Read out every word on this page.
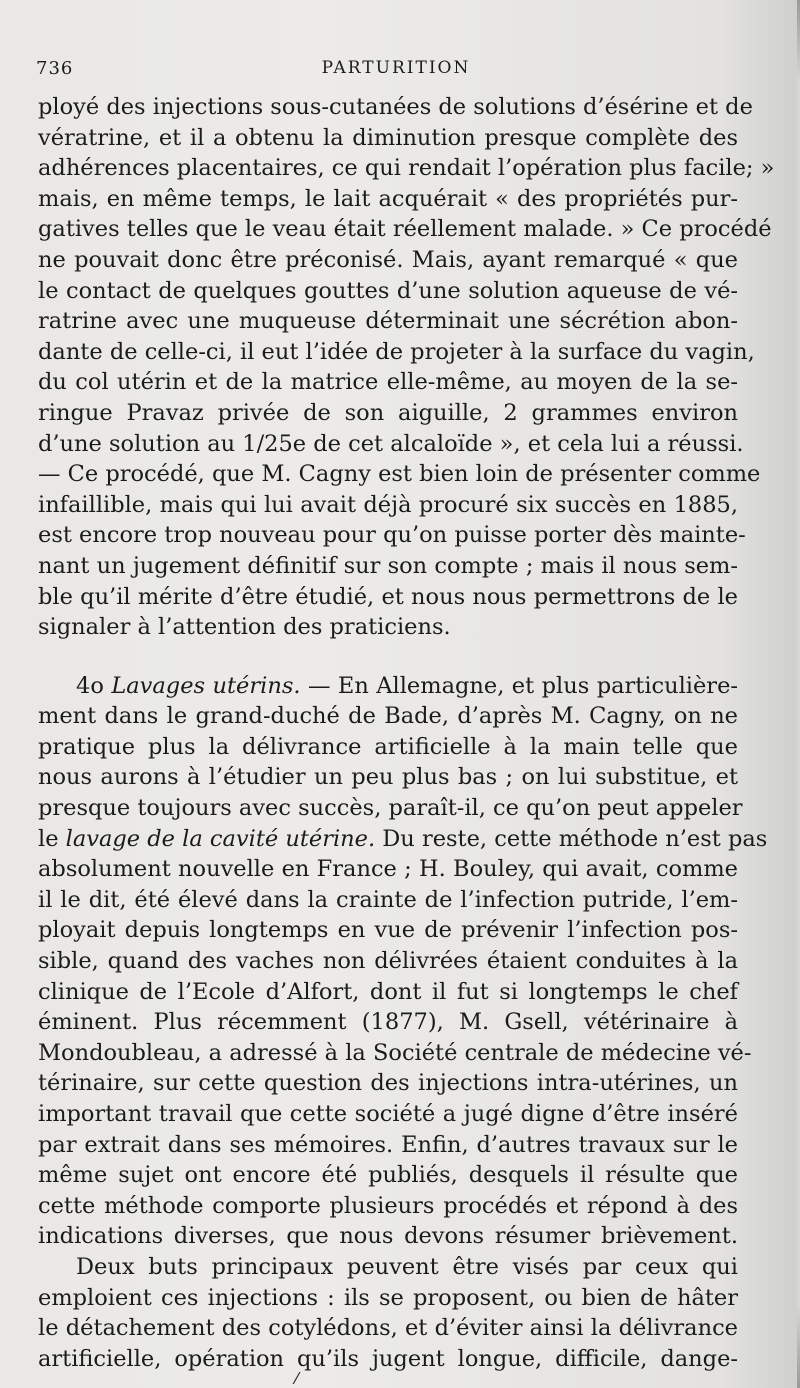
736	PARTURITION
ployé des injections sous-cutanées de solutions d’ésérine et de
vératrine, et il a obtenu la diminution presque complète des
adhérences placentaires, ce qui rendait l’opération plus facile; »
mais, en même temps, le lait acquérait « des propriétés pur-
gatives telles que le veau était réellement malade. » Ce procédé
ne pouvait donc être préconisé. Mais, ayant remarqué « que
le contact de quelques gouttes d’une solution aqueuse de vé-
ratrine avec une muqueuse déterminait une sécrétion abon-
dante de celle-ci, il eut l’idée de projeter à la surface du vagin,
du col utérin et de la matrice elle-même, au moyen de la se-
ringue Pravaz privée de son aiguille, 2 grammes environ
d’une solution au 1/25e de cet alcaloïde », et cela lui a réussi.
— Ce procédé, que M. Cagny est bien loin de présenter comme
infaillible, mais qui lui avait déjà procuré six succès en 1885,
est encore trop nouveau pour qu’on puisse porter dès mainte-
nant un jugement définitif sur son compte ; mais il nous sem-
ble qu’il mérite d’être étudié, et nous nous permettrons de le
signaler à l’attention des praticiens.
4o Lavages utérins. — En Allemagne, et plus particulière-
ment dans le grand-duché de Bade, d’après M. Cagny, on ne
pratique plus la délivrance artificielle à la main telle que
nous aurons à l’étudier un peu plus bas ; on lui substitue, et
presque toujours avec succès, paraît-il, ce qu’on peut appeler
le lavage de la cavité utérine. Du reste, cette méthode n’est pas
absolument nouvelle en France ; H. Bouley, qui avait, comme
il le dit, été élevé dans la crainte de l’infection putride, l’em-
ployait depuis longtemps en vue de prévenir l’infection pos-
sible, quand des vaches non délivrées étaient conduites à la
clinique de l’Ecole d’Alfort, dont il fut si longtemps le chef
éminent. Plus récemment (1877), M. Gsell, vétérinaire à
Mondoubleau, a adressé à la Société centrale de médecine vé-
térinaire, sur cette question des injections intra-utérines, un
important travail que cette société a jugé digne d’être inséré
par extrait dans ses mémoires. Enfin, d’autres travaux sur le
même sujet ont encore été publiés, desquels il résulte que
cette méthode comporte plusieurs procédés et répond à des
indications diverses, que nous devons résumer brièvement.
Deux buts principaux peuvent être visés par ceux qui
emploient ces injections : ils se proposent, ou bien de hâter
le détachement des cotylédons, et d’éviter ainsi la délivrance
artificielle, opération qu’ils jugent longue, difficile, dange-
/
